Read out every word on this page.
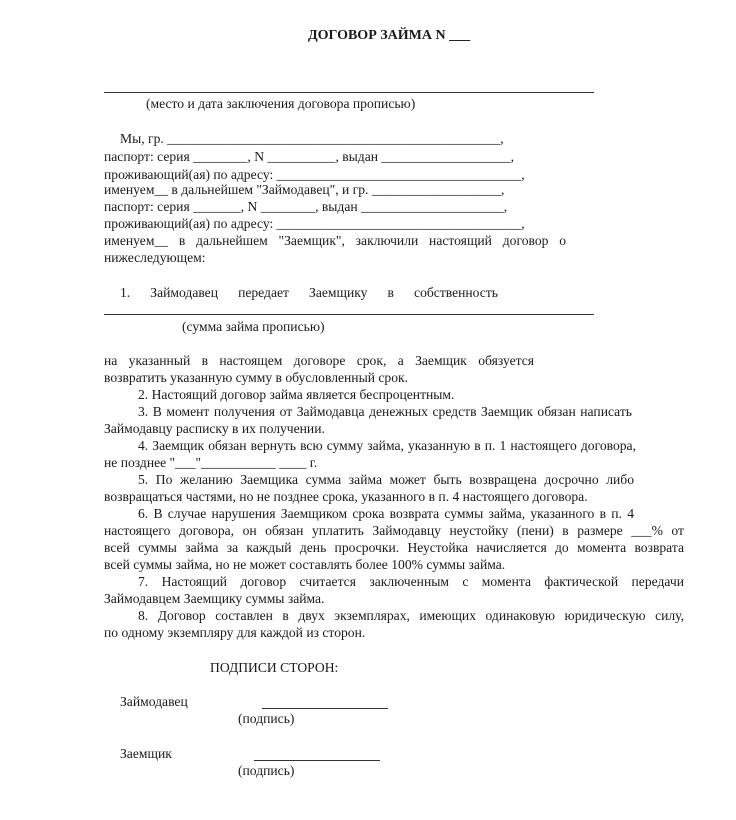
ДОГОВОР ЗАЙМА N ___
(место и дата заключения договора прописью)
Мы, гр. _________________________________________________,
паспорт: серия ________, N __________, выдан ___________________,
проживающий(ая) по адресу: ____________________________________,
именуем__ в дальнейшем "Займодавец", и гр. ___________________,
паспорт: серия _______, N ________, выдан _____________________,
проживающий(ая) по адресу: ____________________________________,
именуем__ в дальнейшем "Заемщик", заключили настоящий договор о
нижеследующем:
1. Займодавец передает Заемщику в собственность
(сумма займа прописью)
на указанный в настоящем договоре срок, а Заемщик обязуется
возвратить указанную сумму в обусловленный срок.
2. Настоящий договор займа является беспроцентным.
3. В момент получения от Займодавца денежных средств Заемщик обязан написать
Займодавцу расписку в их получении.
4. Заемщик обязан вернуть всю сумму займа, указанную в п. 1 настоящего договора,
не позднее "___"___________ ____ г.
5. По желанию Заемщика сумма займа может быть возвращена досрочно либо
возвращаться частями, но не позднее срока, указанного в п. 4 настоящего договора.
6. В случае нарушения Заемщиком срока возврата суммы займа, указанного в п. 4
настоящего договора, он обязан уплатить Займодавцу неустойку (пени) в размере ___% от
всей суммы займа за каждый день просрочки. Неустойка начисляется до момента возврата
всей суммы займа, но не может составлять более 100% суммы займа.
7. Настоящий договор считается заключенным с момента фактической передачи
Займодавцем Заемщику суммы займа.
8. Договор составлен в двух экземплярах, имеющих одинаковую юридическую силу,
по одному экземпляру для каждой из сторон.
ПОДПИСИ СТОРОН:
Займодавец
(подпись)
Заемщик
(подпись)
